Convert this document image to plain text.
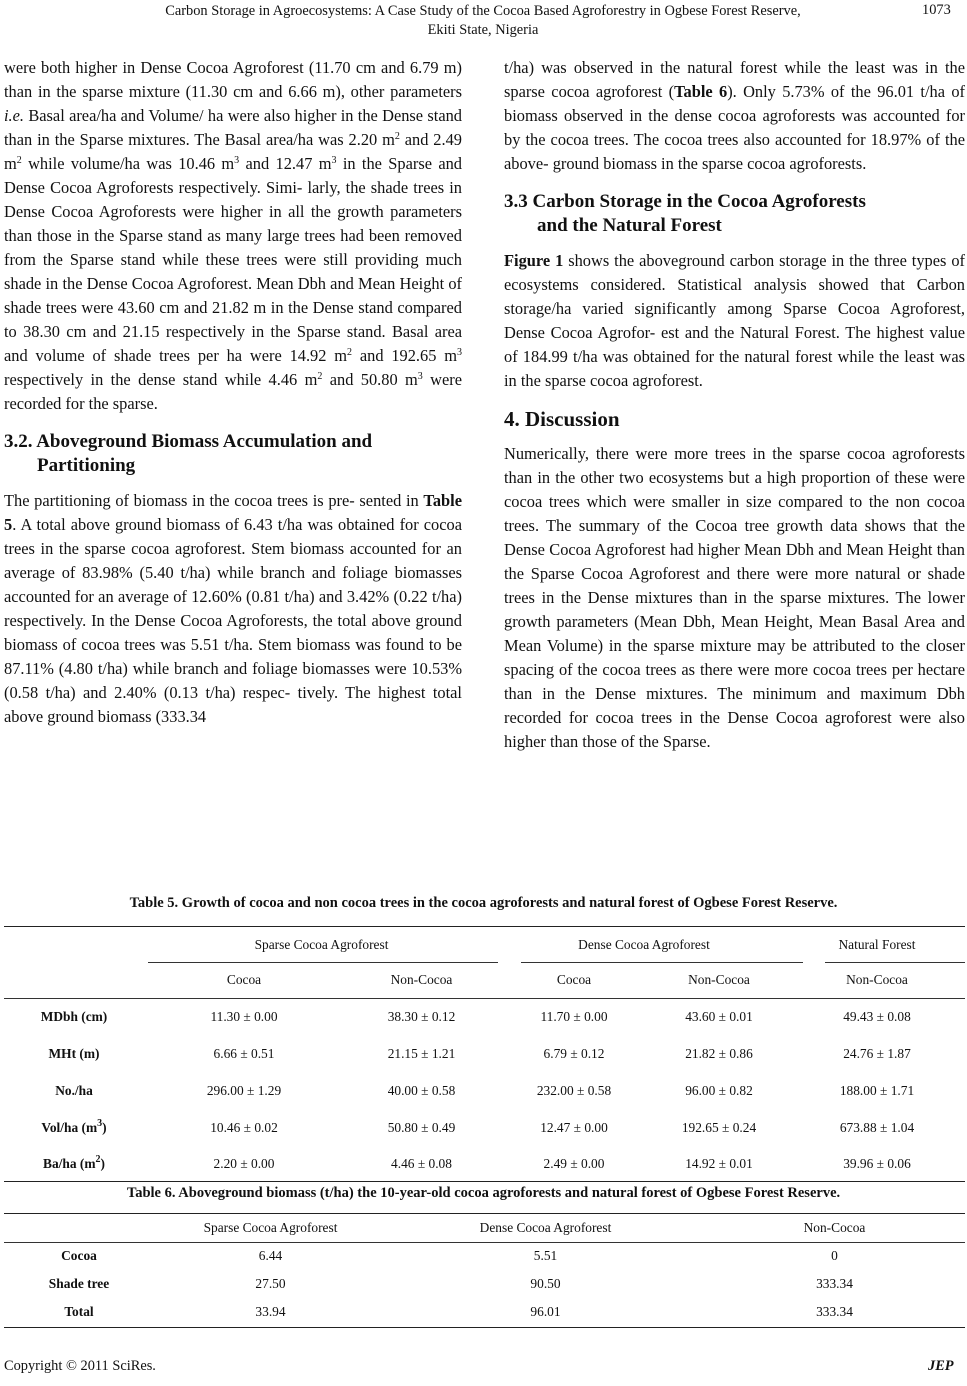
Carbon Storage in Agroecosystems: A Case Study of the Cocoa Based Agroforestry in Ogbese Forest Reserve,
Ekiti State, Nigeria
1073

were both higher in Dense Cocoa Agroforest (11.70 cm and 6.79 m) than in the sparse mixture (11.30 cm and 6.66 m), other parameters i.e. Basal area/ha and Volume/ ha were also higher in the Dense stand than in the Sparse mixtures. The Basal area/ha was 2.20 $m^2$ and 2.49 $m^2$ while volume/ha was 10.46 $m^3$ and 12.47 $m^3$ in the Sparse and Dense Cocoa Agroforests respectively. Simi- larly, the shade trees in Dense Cocoa Agroforests were higher in all the growth parameters than those in the Sparse stand as many large trees had been removed from the Sparse stand while these trees were still providing much shade in the Dense Cocoa Agroforest. Mean Dbh and Mean Height of shade trees were 43.60 cm and 21.82 m in the Dense stand compared to 38.30 cm and 21.15 respectively in the Sparse stand. Basal area and volume of shade trees per ha were 14.92 $m^2$ and 192.65 $m^3$ respectively in the dense stand while 4.46 $m^2$ and 50.80 $m^3$ were recorded for the sparse.

3.2. Aboveground Biomass Accumulation and
Partitioning

The partitioning of biomass in the cocoa trees is pre- sented in Table 5. A total above ground biomass of 6.43 t/ha was obtained for cocoa trees in the sparse cocoa agroforest. Stem biomass accounted for an average of 83.98% (5.40 t/ha) while branch and foliage biomasses accounted for an average of 12.60% (0.81 t/ha) and 3.42% (0.22 t/ha) respectively. In the Dense Cocoa Agroforests, the total above ground biomass of cocoa trees was 5.51 t/ha. Stem biomass was found to be 87.11% (4.80 t/ha) while branch and foliage biomasses were 10.53% (0.58 t/ha) and 2.40% (0.13 t/ha) respec- tively. The highest total above ground biomass (333.34

t/ha) was observed in the natural forest while the least was in the sparse cocoa agroforest (Table 6). Only 5.73% of the 96.01 t/ha of biomass observed in the dense cocoa agroforests was accounted for by the cocoa trees. The cocoa trees also accounted for 18.97% of the above- ground biomass in the sparse cocoa agroforests.

3.3 Carbon Storage in the Cocoa Agroforests
and the Natural Forest

Figure 1 shows the aboveground carbon storage in the three types of ecosystems considered. Statistical analysis showed that Carbon storage/ha varied significantly among Sparse Cocoa Agroforest, Dense Cocoa Agrofor- est and the Natural Forest. The highest value of 184.99 t/ha was obtained for the natural forest while the least was in the sparse cocoa agroforest.

4. Discussion

Numerically, there were more trees in the sparse cocoa agroforests than in the other two ecosystems but a high proportion of these were cocoa trees which were smaller in size compared to the non cocoa trees. The summary of the Cocoa tree growth data shows that the Dense Cocoa Agroforest had higher Mean Dbh and Mean Height than the Sparse Cocoa Agroforest and there were more natural or shade trees in the Dense mixtures than in the sparse mixtures. The lower growth parameters (Mean Dbh, Mean Height, Mean Basal Area and Mean Volume) in the sparse mixture may be attributed to the closer spacing of the cocoa trees as there were more cocoa trees per hectare than in the Dense mixtures. The minimum and maximum Dbh recorded for cocoa trees in the Dense Cocoa agroforest were also higher than those of the Sparse.

Table 5. Growth of cocoa and non cocoa trees in the cocoa agroforests and natural forest of Ogbese Forest Reserve.
	Sparse Cocoa Agroforest		Dense Cocoa Agroforest		Natural Forest
	Cocoa	Non-Cocoa	Cocoa	Non-Cocoa	Non-Cocoa
MDbh (cm)	11.30 ± 0.00	38.30 ± 0.12	11.70 ± 0.00	43.60 ± 0.01	49.43 ± 0.08
MHt (m)	6.66 ± 0.51	21.15 ± 1.21	6.79 ± 0.12	21.82 ± 0.86	24.76 ± 1.87
No./ha	296.00 ± 1.29	40.00 ± 0.58	232.00 ± 0.58	96.00 ± 0.82	188.00 ± 1.71
Vol/ha $(m^3)$	10.46 ± 0.02	50.80 ± 0.49	12.47 ± 0.00	192.65 ± 0.24	673.88 ± 1.04
Ba/ha $(m^2)$	2.20 ± 0.00	4.46 ± 0.08	2.49 ± 0.00	14.92 ± 0.01	39.96 ± 0.06
Table 6. Aboveground biomass (t/ha) the 10-year-old cocoa agroforests and natural forest of Ogbese Forest Reserve.
	Sparse Cocoa Agroforest	Dense Cocoa Agroforest	Non-Cocoa
Cocoa	6.44	5.51	0
Shade tree	27.50	90.50	333.34
Total	33.94	96.01	333.34
Copyright © 2011 SciRes.	JEP
